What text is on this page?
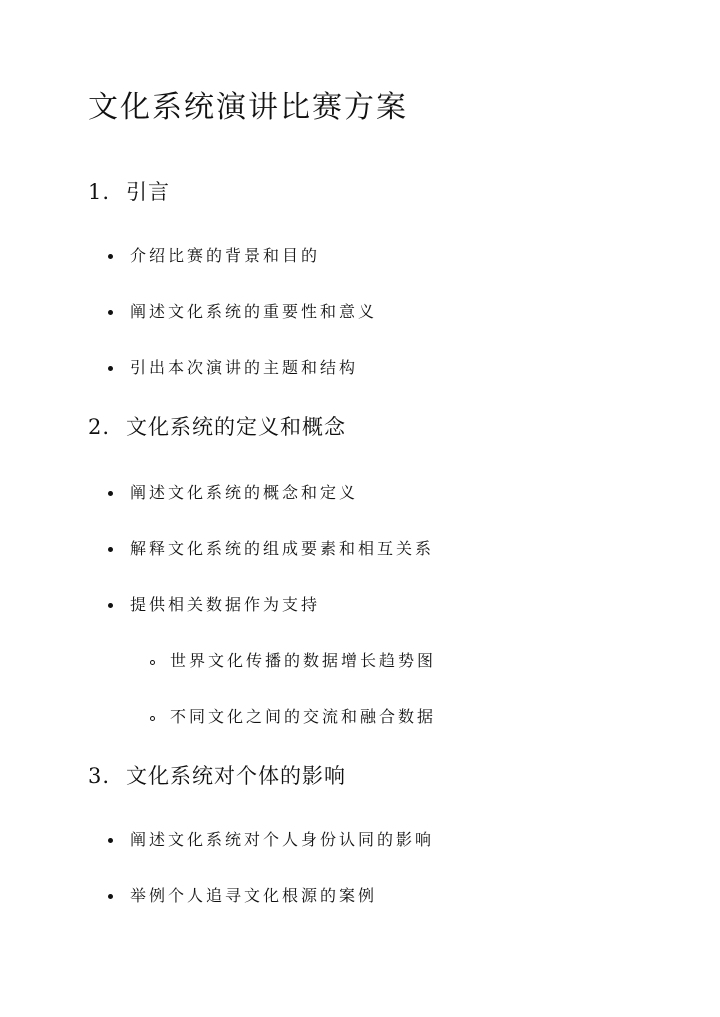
文化系统演讲比赛方案
1. 引言
介绍比赛的背景和目的
阐述文化系统的重要性和意义
引出本次演讲的主题和结构
2. 文化系统的定义和概念
阐述文化系统的概念和定义
解释文化系统的组成要素和相互关系
提供相关数据作为支持
世界文化传播的数据增长趋势图
不同文化之间的交流和融合数据
3. 文化系统对个体的影响
阐述文化系统对个人身份认同的影响
举例个人追寻文化根源的案例
